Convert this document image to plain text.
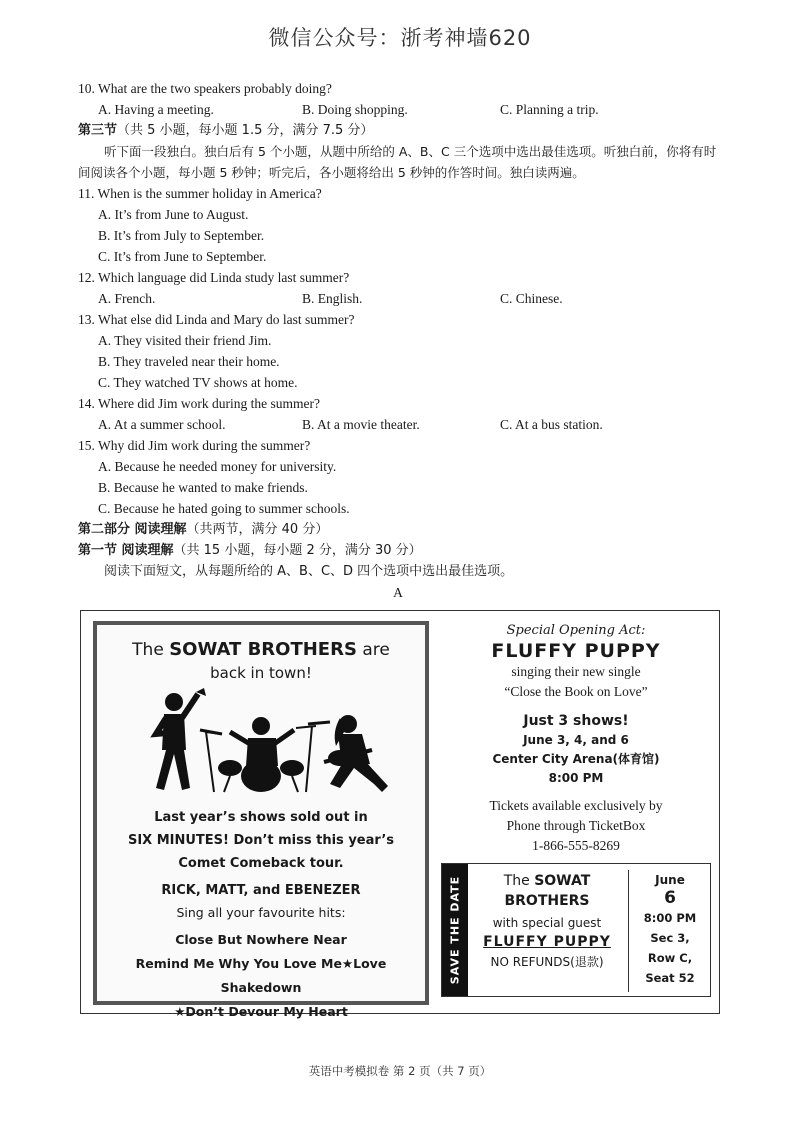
微信公众号：浙考神墙620
10. What are the two speakers probably doing?
A. Having a meeting.	B. Doing shopping.	C. Planning a trip.
第三节（共 5 小题，每小题 1.5 分，满分 7.5 分）
听下面一段独白。独白后有 5 个小题，从题中所给的 A、B、C 三个选项中选出最佳选项。听独白前，你将有时间阅读各个小题，每小题 5 秒钟；听完后，各小题将给出 5 秒钟的作答时间。独白读两遍。
11. When is the summer holiday in America?
A. It’s from June to August.
B. It’s from July to September.
C. It’s from June to September.
12. Which language did Linda study last summer?
A. French.	B. English.	C. Chinese.
13. What else did Linda and Mary do last summer?
A. They visited their friend Jim.
B. They traveled near their home.
C. They watched TV shows at home.
14. Where did Jim work during the summer?
A. At a summer school.	B. At a movie theater.	C. At a bus station.
15. Why did Jim work during the summer?
A. Because he needed money for university.
B. Because he wanted to make friends.
C. Because he hated going to summer schools.
第二部分 阅读理解（共两节，满分 40 分）
第一节 阅读理解（共 15 小题，每小题 2 分，满分 30 分）
阅读下面短文，从每题所给的 A、B、C、D 四个选项中选出最佳选项。
A
The SOWAT BROTHERS are
back in town!
Last year’s shows sold out in
SIX MINUTES! Don’t miss this year’s
Comet Comeback tour.
RICK, MATT, and EBENEZER
Sing all your favourite hits:
Close But Nowhere Near
Remind Me Why You Love Me★Love Shakedown
★Don’t Devour My Heart
Special Opening Act:
FLUFFY PUPPY
singing their new single
“Close the Book on Love”
Just 3 shows!
June 3, 4, and 6
Center City Arena(体育馆)
8:00 PM
Tickets available exclusively by
Phone through TicketBox
1-866-555-8269
SAVE THE DATE	The SOWAT
BROTHERS
with special guest
FLUFFY PUPPY
NO REFUNDS(退款)
June
6
8:00 PM
Sec 3,
Row C,
Seat 52
英语中考模拟卷 第 2 页（共 7 页）
